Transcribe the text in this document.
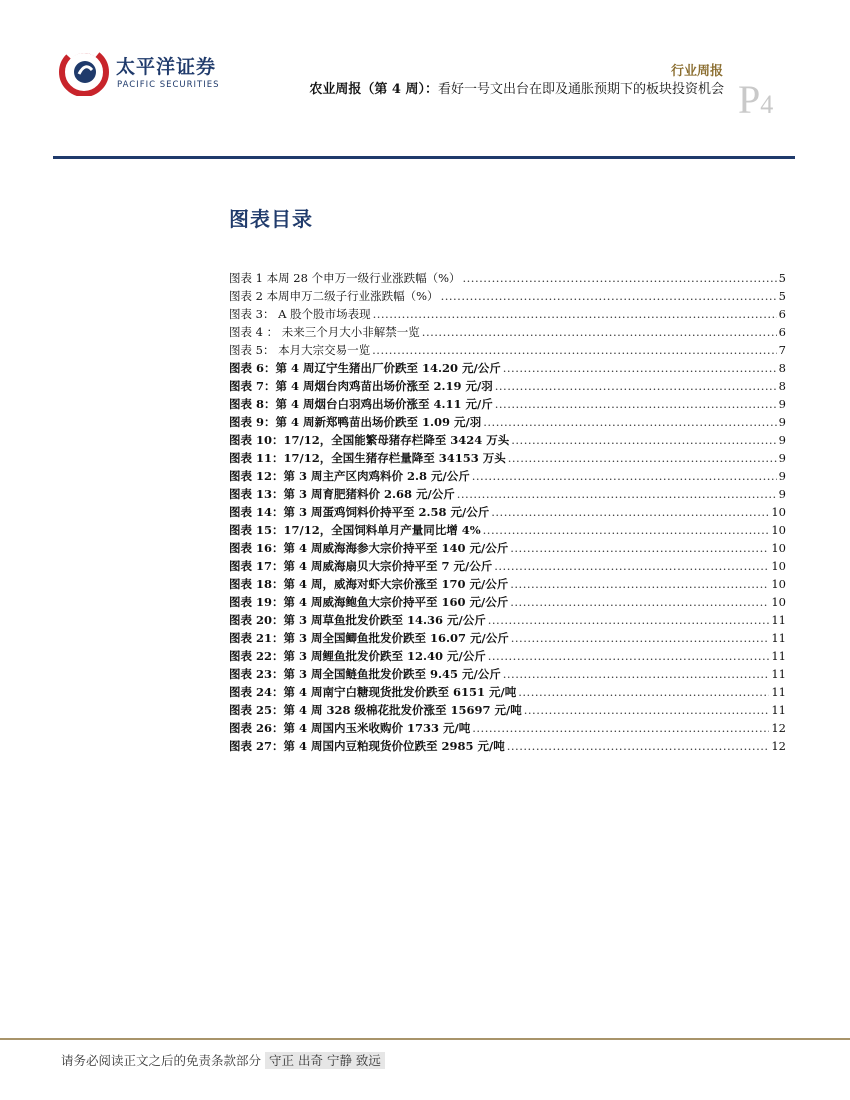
太平洋证券
PACIFIC SECURITIES
行业周报
农业周报（第 4 周）：看好一号文出台在即及通胀预期下的板块投资机会 P4
图表目录
图表 1 本周 28 个申万一级行业涨跌幅（%） .....	5
图表 2 本周申万二级子行业涨跌幅（%） .....	5
图表 3： A 股个股市场表现 .....	6
图表 4 ： 未来三个月大小非解禁一览 .....	6
图表 5： 本月大宗交易一览 .....	7
图表 6：第 4 周辽宁生猪出厂价跌至 14.20 元/公斤 .....	8
图表 7：第 4 周烟台肉鸡苗出场价涨至 2.19 元/羽 .....	8
图表 8：第 4 周烟台白羽鸡出场价涨至 4.11 元/斤 .....	9
图表 9：第 4 周新郑鸭苗出场价跌至 1.09 元/羽 .....	9
图表 10：17/12，全国能繁母猪存栏降至 3424 万头 .....	9
图表 11：17/12，全国生猪存栏量降至 34153 万头 .....	9
图表 12：第 3 周主产区肉鸡料价 2.8 元/公斤 .....	9
图表 13：第 3 周育肥猪料价 2.68 元/公斤 .....	9
图表 14：第 3 周蛋鸡饲料价持平至 2.58 元/公斤 .....	10
图表 15：17/12，全国饲料单月产量同比增 4% .....	10
图表 16：第 4 周威海海参大宗价持平至 140 元/公斤 .....	10
图表 17：第 4 周威海扇贝大宗价持平至 7 元/公斤 .....	10
图表 18：第 4 周，威海对虾大宗价涨至 170 元/公斤 .....	10
图表 19：第 4 周威海鲍鱼大宗价持平至 160 元/公斤 .....	10
图表 20：第 3 周草鱼批发价跌至 14.36 元/公斤 .....	11
图表 21：第 3 周全国鲫鱼批发价跌至 16.07 元/公斤 .....	11
图表 22：第 3 周鲤鱼批发价跌至 12.40 元/公斤 .....	11
图表 23：第 3 周全国鲢鱼批发价跌至 9.45 元/公斤 .....	11
图表 24：第 4 周南宁白糖现货批发价跌至 6151 元/吨 .....	11
图表 25：第 4 周 328 级棉花批发价涨至 15697 元/吨 .....	11
图表 26：第 4 周国内玉米收购价 1733 元/吨 .....	12
图表 27：第 4 周国内豆粕现货价位跌至 2985 元/吨 .....	12
请务必阅读正文之后的免责条款部分 守正 出奇 宁静 致远
